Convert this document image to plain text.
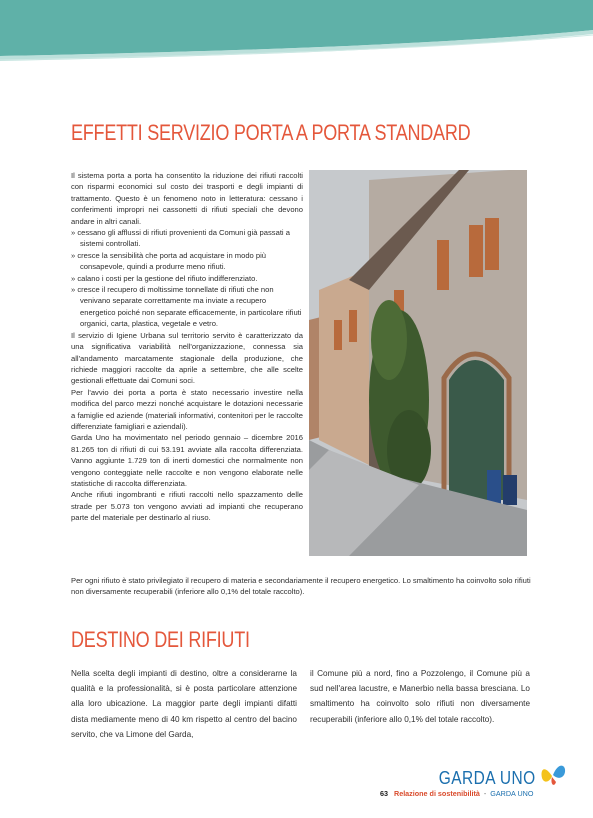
EFFETTI SERVIZIO PORTA A PORTA STANDARD

Il sistema porta a porta ha consentito la riduzione dei rifiuti raccolti con risparmi economici sul costo dei trasporti e degli impianti di trattamento. Questo è un fenomeno noto in letteratura: cessano i conferimenti impropri nei cassonetti di rifiuti speciali che devono andare in altri canali.

» cessano gli afflussi di rifiuti provenienti da Comuni già passati a sistemi controllati.
» cresce la sensibilità che porta ad acquistare in modo più consapevole, quindi a produrre meno rifiuti.
» calano i costi per la gestione del rifiuto indifferenziato.
» cresce il recupero di moltissime tonnellate di rifiuti che non venivano separate correttamente ma inviate a recupero energetico poiché non separate efficacemente, in particolare rifiuti organici, carta, plastica, vegetale e vetro.

Il servizio di Igiene Urbana sul territorio servito è caratterizzato da una significativa variabilità nell'organizzazione, connessa sia all'andamento marcatamente stagionale della produzione, che richiede maggiori raccolte da aprile a settembre, che alle scelte gestionali effettuate dai Comuni soci.

Per l'avvio dei porta a porta è stato necessario investire nella modifica del parco mezzi nonché acquistare le dotazioni necessarie a famiglie ed aziende (materiali informativi, contenitori per le raccolte differenziate famigliari e aziendali).

Garda Uno ha movimentato nel periodo gennaio – dicembre 2016 81.265 ton di rifiuti di cui 53.191 avviate alla raccolta differenziata. Vanno aggiunte 1.729 ton di inerti domestici che normalmente non vengono conteggiate nelle raccolte e non vengono elaborate nelle statistiche di raccolta differenziata.

Anche rifiuti ingombranti e rifiuti raccolti nello spazzamento delle strade per 5.073 ton vengono avviati ad impianti che recuperano parte del materiale per destinarlo al riuso.

Per ogni rifiuto è stato privilegiato il recupero di materia e secondariamente il recupero energetico. Lo smaltimento ha coinvolto solo rifiuti non diversamente recuperabili (inferiore allo 0,1% del totale raccolto).
DESTINO DEI RIFIUTI

Nella scelta degli impianti di destino, oltre a considerarne la qualità e la professionalità, si è posta particolare attenzione alla loro ubicazione. La maggior parte degli impianti difatti dista mediamente meno di 40 km rispetto al centro del bacino servito, che va Limone del Garda,

il Comune più a nord, fino a Pozzolengo, il Comune più a sud nell'area lacustre, e Manerbio nella bassa bresciana. Lo smaltimento ha coinvolto solo rifiuti non diversamente recuperabili (inferiore allo 0,1% del totale raccolto).

GARDA UNO
63 Relazione di sostenibilità - GARDA UNO
